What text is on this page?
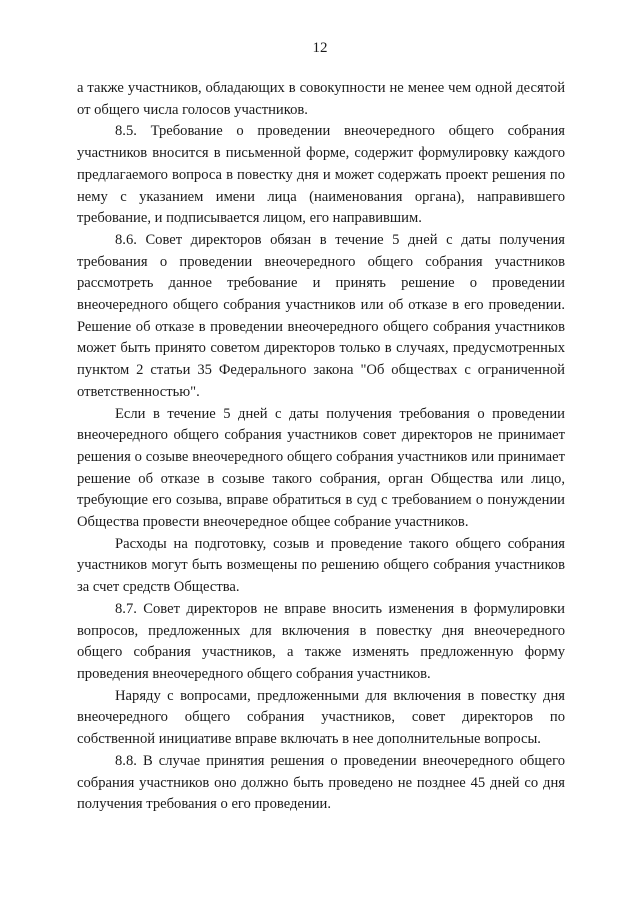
12

а также участников, обладающих в совокупности не менее чем одной десятой от общего числа голосов участников.

8.5. Требование о проведении внеочередного общего собрания участников вносится в письменной форме, содержит формулировку каждого предлагаемого вопроса в повестку дня и может содержать проект решения по нему с указанием имени лица (наименования органа), направившего требование, и подписывается лицом, его направившим.

8.6. Совет директоров обязан в течение 5 дней с даты получения требования о проведении внеочередного общего собрания участников рассмотреть данное требование и принять решение о проведении внеочередного общего собрания участников или об отказе в его проведении. Решение об отказе в проведении внеочередного общего собрания участников может быть принято советом директоров только в случаях, предусмотренных пунктом 2 статьи 35 Федерального закона "Об обществах с ограниченной ответственностью".

Если в течение 5 дней с даты получения требования о проведении внеочередного общего собрания участников совет директоров не принимает решения о созыве внеочередного общего собрания участников или принимает решение об отказе в созыве такого собрания, орган Общества или лицо, требующие его созыва, вправе обратиться в суд с требованием о понуждении Общества провести внеочередное общее собрание участников.

Расходы на подготовку, созыв и проведение такого общего собрания участников могут быть возмещены по решению общего собрания участников за счет средств Общества.

8.7. Совет директоров не вправе вносить изменения в формулировки вопросов, предложенных для включения в повестку дня внеочередного общего собрания участников, а также изменять предложенную форму проведения внеочередного общего собрания участников.

Наряду с вопросами, предложенными для включения в повестку дня внеочередного общего собрания участников, совет директоров по собственной инициативе вправе включать в нее дополнительные вопросы.

8.8. В случае принятия решения о проведении внеочередного общего собрания участников оно должно быть проведено не позднее 45 дней со дня получения требования о его проведении.
